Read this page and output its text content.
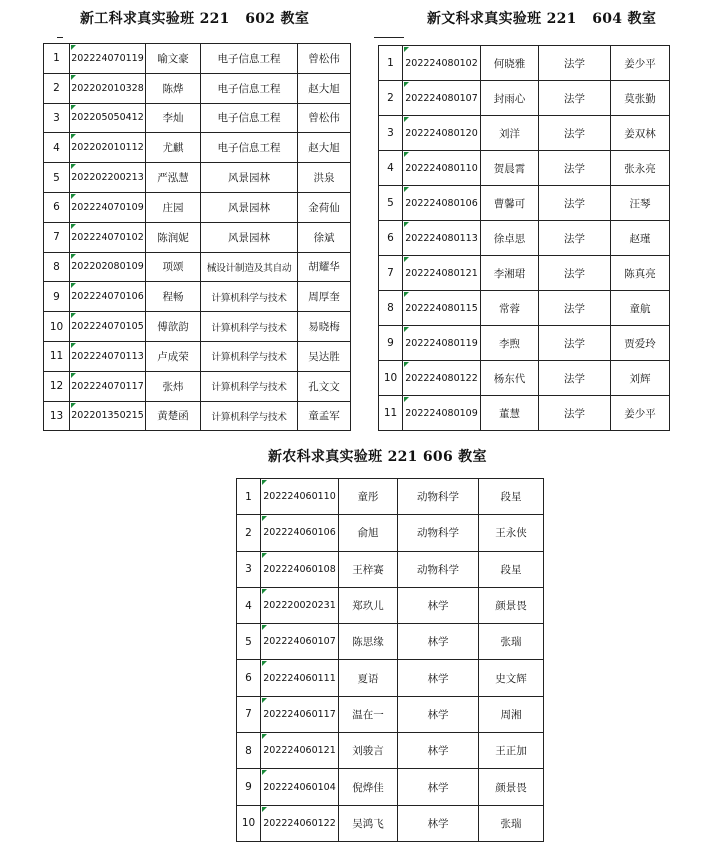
新工科求真实验班 221   602 教室
1	202224070119	喻文豪	电子信息工程	曾松伟
2	202202010328	陈烨	电子信息工程	赵大旭
3	202205050412	李灿	电子信息工程	曾松伟
4	202202010112	尤麒	电子信息工程	赵大旭
5	202202200213	严泓慧	风景园林	洪泉
6	202224070109	庄园	风景园林	金荷仙
7	202224070102	陈润妮	风景园林	徐斌
8	202202080109	项颂	械设计制造及其自动	胡耀华
9	202224070106	程畅	计算机科学与技术	周厚奎
10	202224070105	傅歆韵	计算机科学与技术	易晓梅
11	202224070113	卢成荣	计算机科学与技术	吴达胜
12	202224070117	张炜	计算机科学与技术	孔文文
13	202201350215	黄楚函	计算机科学与技术	童孟军
新文科求真实验班 221   604 教室
1	202224080102	何晓雅	法学	姜少平
2	202224080107	封雨心	法学	莫张勤
3	202224080120	刘洋	法学	姜双林
4	202224080110	贺晨霄	法学	张永亮
5	202224080106	曹馨可	法学	汪琴
6	202224080113	徐卓思	法学	赵瑾
7	202224080121	李湘珺	法学	陈真亮
8	202224080115	常蓉	法学	童航
9	202224080119	李煦	法学	贾爱玲
10	202224080122	杨东代	法学	刘辉
11	202224080109	董慧	法学	姜少平
新农科求真实验班 221 606 教室
1	202224060110	童彤	动物科学	段星
2	202224060106	俞旭	动物科学	王永侠
3	202224060108	王梓赛	动物科学	段星
4	202220020231	郑玖儿	林学	颜景畏
5	202224060107	陈思缘	林学	张瑞
6	202224060111	夏语	林学	史文辉
7	202224060117	温在一	林学	周湘
8	202224060121	刘骏言	林学	王正加
9	202224060104	倪烨佳	林学	颜景畏
10	202224060122	吴鸿飞	林学	张瑞
